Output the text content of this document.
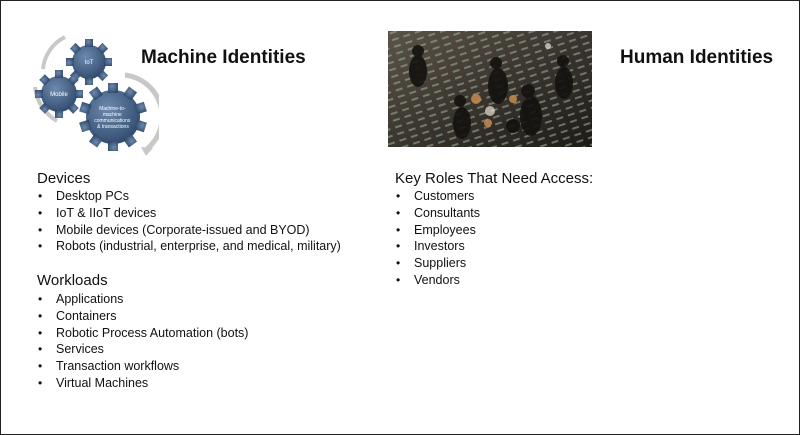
IoT
Mobile
Machine-to- machine communications & transactions
Machine Identities	Human Identities
Devices
• Desktop PCs
• IoT & IIoT devices
• Mobile devices (Corporate-issued and BYOD)
• Robots (industrial, enterprise, and medical, military)
Workloads
• Applications
• Containers
• Robotic Process Automation (bots)
• Services
• Transaction workflows
• Virtual Machines
Key Roles That Need Access:
• Customers
• Consultants
• Employees
• Investors
• Suppliers
• Vendors
